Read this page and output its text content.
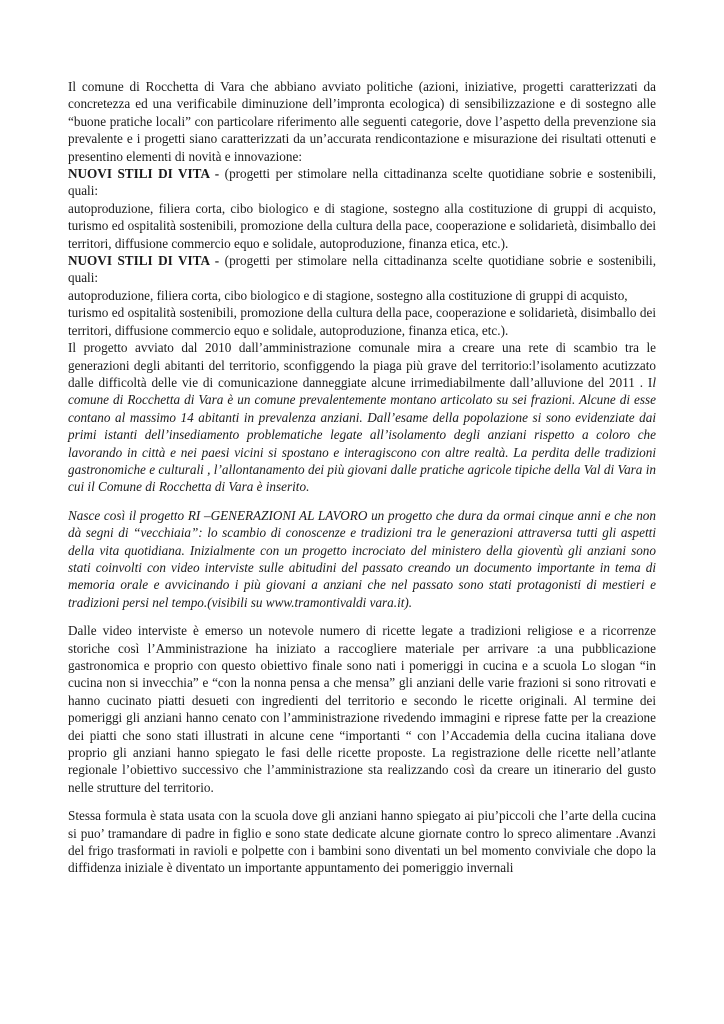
Il comune di Rocchetta di Vara che abbiano avviato politiche (azioni, iniziative, progetti caratterizzati da concretezza ed una verificabile diminuzione dell’impronta ecologica) di sensibilizzazione e di sostegno alle “buone pratiche locali” con particolare riferimento alle seguenti categorie, dove l’aspetto della prevenzione sia prevalente e i progetti siano caratterizzati da un’accurata rendicontazione e misurazione dei risultati ottenuti e presentino elementi di novità e innovazione:

NUOVI STILI DI VITA - (progetti per stimolare nella cittadinanza scelte quotidiane sobrie e sostenibili, quali:

autoproduzione, filiera corta, cibo biologico e di stagione, sostegno alla costituzione di gruppi di acquisto, turismo ed ospitalità sostenibili, promozione della cultura della pace, cooperazione e solidarietà, disimballo dei territori, diffusione commercio equo e solidale, autoproduzione, finanza etica, etc.).

NUOVI STILI DI VITA - (progetti per stimolare nella cittadinanza scelte quotidiane sobrie e sostenibili, quali:

autoproduzione, filiera corta, cibo biologico e di stagione, sostegno alla costituzione di gruppi di acquisto,

turismo ed ospitalità sostenibili, promozione della cultura della pace, cooperazione e solidarietà, disimballo dei territori, diffusione commercio equo e solidale, autoproduzione, finanza etica, etc.).

Il progetto avviato dal 2010 dall’amministrazione comunale mira a creare una rete di scambio tra le generazioni degli abitanti del territorio, sconfiggendo la piaga più grave del territorio:l’isolamento acutizzato dalle difficoltà delle vie di comunicazione danneggiate alcune irrimediabilmente dall’alluvione del 2011 . Il comune di Rocchetta di Vara è un comune prevalentemente montano articolato su sei frazioni. Alcune di esse contano al massimo 14 abitanti in prevalenza anziani. Dall’esame della popolazione si sono evidenziate dai primi istanti dell’insediamento problematiche legate all’isolamento degli anziani rispetto a coloro che lavorando in città e nei paesi vicini si spostano e interagiscono con altre realtà. La perdita delle tradizioni gastronomiche e culturali , l’allontanamento dei più giovani dalle pratiche agricole tipiche della Val di Vara in cui il Comune di Rocchetta di Vara è inserito.

Nasce così il progetto RI –GENERAZIONI AL LAVORO un progetto che dura da ormai cinque anni e che non dà segni di “vecchiaia”: lo scambio di conoscenze e tradizioni tra le generazioni attraversa tutti gli aspetti della vita quotidiana. Inizialmente con un progetto incrociato del ministero della gioventù gli anziani sono stati coinvolti con video interviste sulle abitudini del passato creando un documento importante in tema di memoria orale e avvicinando i più giovani a anziani che nel passato sono stati protagonisti di mestieri e tradizioni persi nel tempo.(visibili su www.tramontivaldi vara.it).

Dalle video interviste è emerso un notevole numero di ricette legate a tradizioni religiose e a ricorrenze storiche così l’Amministrazione ha iniziato a raccogliere materiale per arrivare :a una pubblicazione gastronomica e proprio con questo obiettivo finale sono nati i pomeriggi in cucina e a scuola Lo slogan “in cucina non si invecchia” e “con la nonna pensa a che mensa” gli anziani delle varie frazioni si sono ritrovati e hanno cucinato piatti desueti con ingredienti del territorio e secondo le ricette originali. Al termine dei pomeriggi gli anziani hanno cenato con l’amministrazione rivedendo immagini e riprese fatte per la creazione dei piatti che sono stati illustrati in alcune cene “importanti “ con l’Accademia della cucina italiana dove proprio gli anziani hanno spiegato le fasi delle ricette proposte. La registrazione delle ricette nell’atlante regionale l’obiettivo successivo che l’amministrazione sta realizzando così da creare un itinerario del gusto nelle strutture del territorio.

Stessa formula è stata usata con la scuola dove gli anziani hanno spiegato ai piu’piccoli che l’arte della cucina si puo’ tramandare di padre in figlio e sono state dedicate alcune giornate contro lo spreco alimentare .Avanzi del frigo trasformati in ravioli e polpette con i bambini sono diventati un bel momento conviviale che dopo la diffidenza iniziale è diventato un importante appuntamento dei pomeriggio invernali
